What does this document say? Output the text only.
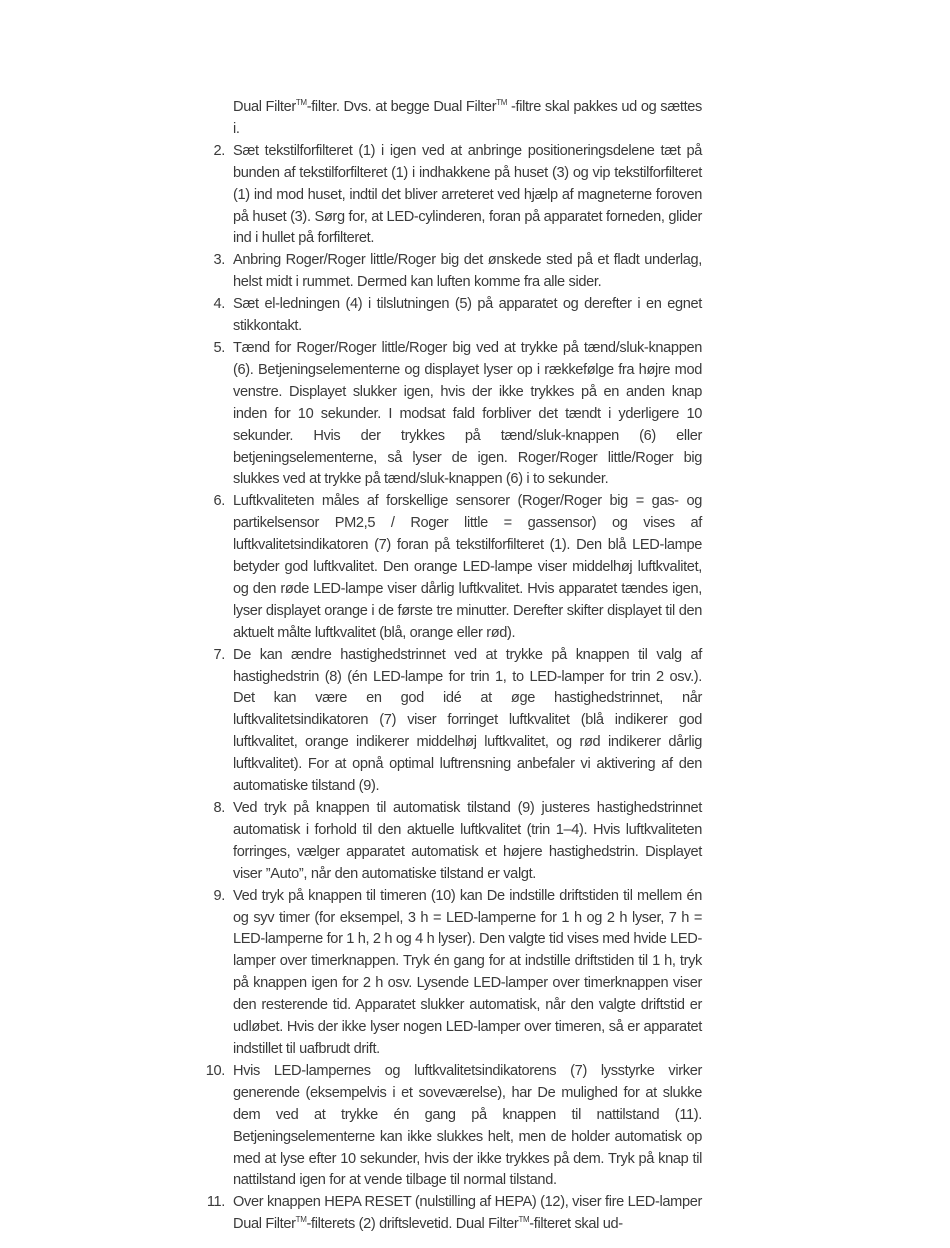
Dual Filter™-filter. Dvs. at begge Dual Filter™ -filtre skal pakkes ud og sættes i.

2. Sæt tekstilforfilteret (1) i igen ved at anbringe positioneringsdelene tæt på bunden af tekstilforfilteret (1) i indhakkene på huset (3) og vip tekstilforfilteret (1) ind mod huset, indtil det bliver arreteret ved hjælp af magneterne foroven på huset (3). Sørg for, at LED-cylinderen, foran på apparatet forneden, glider ind i hullet på forfilteret.
3. Anbring Roger/Roger little/Roger big det ønskede sted på et fladt underlag, helst midt i rummet. Dermed kan luften komme fra alle sider.
4. Sæt el-ledningen (4) i tilslutningen (5) på apparatet og derefter i en egnet stikkontakt.
5. Tænd for Roger/Roger little/Roger big ved at trykke på tænd/sluk-knappen (6). Betjeningselementerne og displayet lyser op i rækkefølge fra højre mod venstre. Displayet slukker igen, hvis der ikke trykkes på en anden knap inden for 10 sekunder. I modsat fald forbliver det tændt i yderligere 10 sekunder. Hvis der trykkes på tænd/sluk-knappen (6) eller betjeningselementerne, så lyser de igen. Roger/Roger little/Roger big slukkes ved at trykke på tænd/sluk-knappen (6) i to sekunder.
6. Luftkvaliteten måles af forskellige sensorer (Roger/Roger big = gas- og partikelsensor PM2,5 / Roger little = gassensor) og vises af luftkvalitetsindikatoren (7) foran på tekstilforfilteret (1). Den blå LED-lampe betyder god luftkvalitet. Den orange LED-lampe viser middelhøj luftkvalitet, og den røde LED-lampe viser dårlig luftkvalitet. Hvis apparatet tændes igen, lyser displayet orange i de første tre minutter. Derefter skifter displayet til den aktuelt målte luftkvalitet (blå, orange eller rød).
7. De kan ændre hastighedstrinnet ved at trykke på knappen til valg af hastighedstrin (8) (én LED-lampe for trin 1, to LED-lamper for trin 2 osv.). Det kan være en god idé at øge hastighedstrinnet, når luftkvalitetsindikatoren (7) viser forringet luftkvalitet (blå indikerer god luftkvalitet, orange indikerer middelhøj luftkvalitet, og rød indikerer dårlig luftkvalitet). For at opnå optimal luftrensning anbefaler vi aktivering af den automatiske tilstand (9).
8. Ved tryk på knappen til automatisk tilstand (9) justeres hastighedstrinnet automatisk i forhold til den aktuelle luftkvalitet (trin 1–4). Hvis luftkvaliteten forringes, vælger apparatet automatisk et højere hastighedstrin. Displayet viser ”Auto”, når den automatiske tilstand er valgt.
9. Ved tryk på knappen til timeren (10) kan De indstille driftstiden til mellem én og syv timer (for eksempel, 3 h = LED-lamperne for 1 h og 2 h lyser, 7 h = LED-lamperne for 1 h, 2 h og 4 h lyser). Den valgte tid vises med hvide LED-lamper over timerknappen. Tryk én gang for at indstille driftstiden til 1 h, tryk på knappen igen for 2 h osv. Lysende LED-lamper over timerknappen viser den resterende tid. Apparatet slukker automatisk, når den valgte driftstid er udløbet. Hvis der ikke lyser nogen LED-lamper over timeren, så er apparatet indstillet til uafbrudt drift.
10. Hvis LED-lampernes og luftkvalitetsindikatorens (7) lysstyrke virker generende (eksempelvis i et soveværelse), har De mulighed for at slukke dem ved at trykke én gang på knappen til nattilstand (11). Betjeningselementerne kan ikke slukkes helt, men de holder automatisk op med at lyse efter 10 sekunder, hvis der ikke trykkes på dem. Tryk på knap til nattilstand igen for at vende tilbage til normal tilstand.
11. Over knappen HEPA RESET (nulstilling af HEPA) (12), viser fire LED-lamper Dual Filter™-filterets (2) driftslevetid. Dual Filter™-filteret skal ud-
